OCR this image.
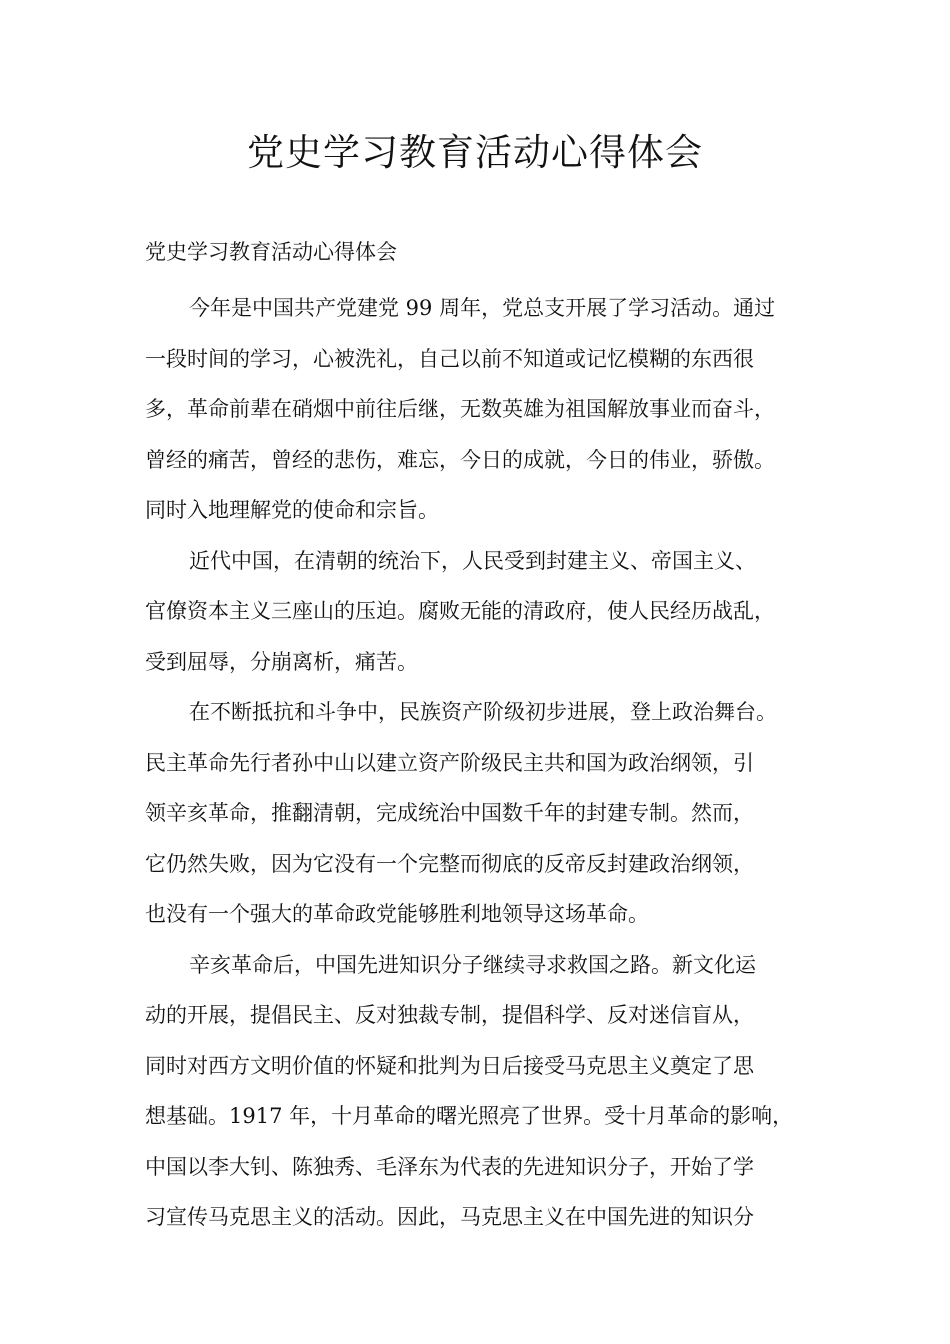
党史学习教育活动心得体会
党史学习教育活动心得体会
今年是中国共产党建党 99 周年，党总支开展了学习活动。通过
一段时间的学习，心被洗礼，自己以前不知道或记忆模糊的东西很
多，革命前辈在硝烟中前往后继，无数英雄为祖国解放事业而奋斗，
曾经的痛苦，曾经的悲伤，难忘，今日的成就，今日的伟业，骄傲。
同时入地理解党的使命和宗旨。
近代中国，在清朝的统治下，人民受到封建主义、帝国主义、
官僚资本主义三座山的压迫。腐败无能的清政府，使人民经历战乱，
受到屈辱，分崩离析，痛苦。
在不断抵抗和斗争中，民族资产阶级初步进展，登上政治舞台。
民主革命先行者孙中山以建立资产阶级民主共和国为政治纲领，引
领辛亥革命，推翻清朝，完成统治中国数千年的封建专制。然而，
它仍然失败，因为它没有一个完整而彻底的反帝反封建政治纲领，
也没有一个强大的革命政党能够胜利地领导这场革命。
辛亥革命后，中国先进知识分子继续寻求救国之路。新文化运
动的开展，提倡民主、反对独裁专制，提倡科学、反对迷信盲从，
同时对西方文明价值的怀疑和批判为日后接受马克思主义奠定了思
想基础。1917 年，十月革命的曙光照亮了世界。受十月革命的影响，
中国以李大钊、陈独秀、毛泽东为代表的先进知识分子，开始了学
习宣传马克思主义的活动。因此，马克思主义在中国先进的知识分
